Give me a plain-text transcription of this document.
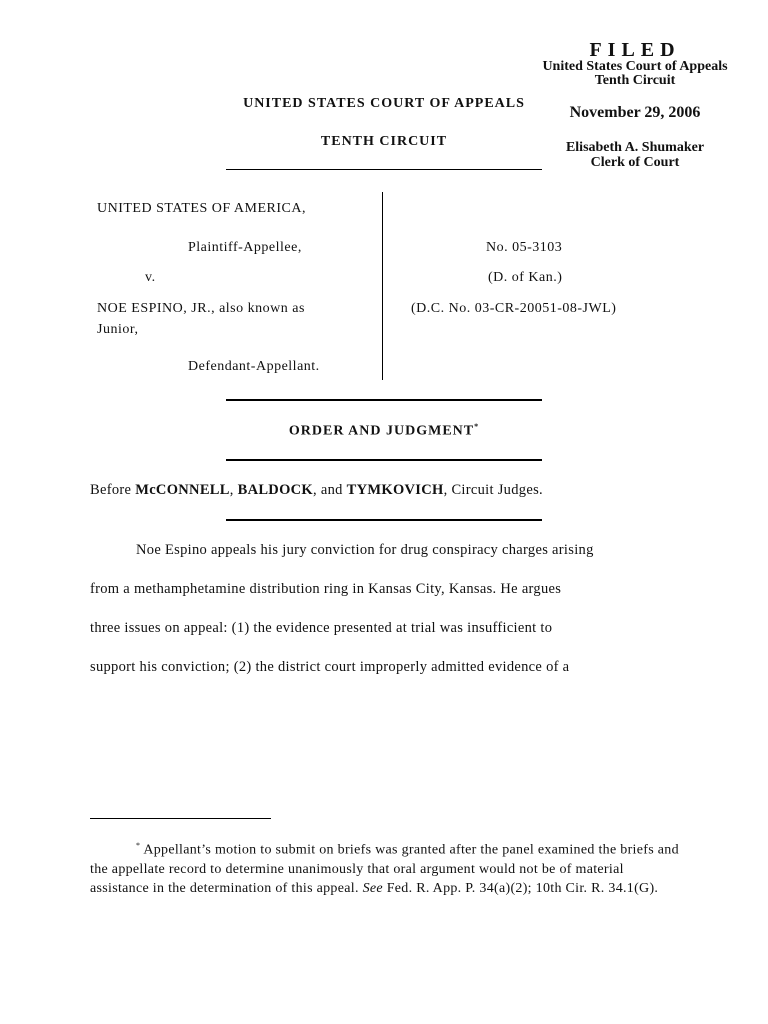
FILED
United States Court of Appeals
Tenth Circuit
November 29, 2006
Elisabeth A. Shumaker
Clerk of Court
UNITED STATES COURT OF APPEALS
TENTH CIRCUIT
UNITED STATES OF AMERICA,
Plaintiff-Appellee,
v.
NOE ESPINO, JR., also known as
Junior,
Defendant-Appellant.
No. 05-3103
(D. of Kan.)
(D.C. No. 03-CR-20051-08-JWL)
ORDER AND JUDGMENT*
Before McCONNELL, BALDOCK, and TYMKOVICH, Circuit Judges.
Noe Espino appeals his jury conviction for drug conspiracy charges arising
from a methamphetamine distribution ring in Kansas City, Kansas. He argues
three issues on appeal: (1) the evidence presented at trial was insufficient to
support his conviction; (2) the district court improperly admitted evidence of a
* Appellant’s motion to submit on briefs was granted after the panel examined the briefs and the appellate record to determine unanimously that oral argument would not be of material assistance in the determination of this appeal. See Fed. R. App. P. 34(a)(2); 10th Cir. R. 34.1(G).
